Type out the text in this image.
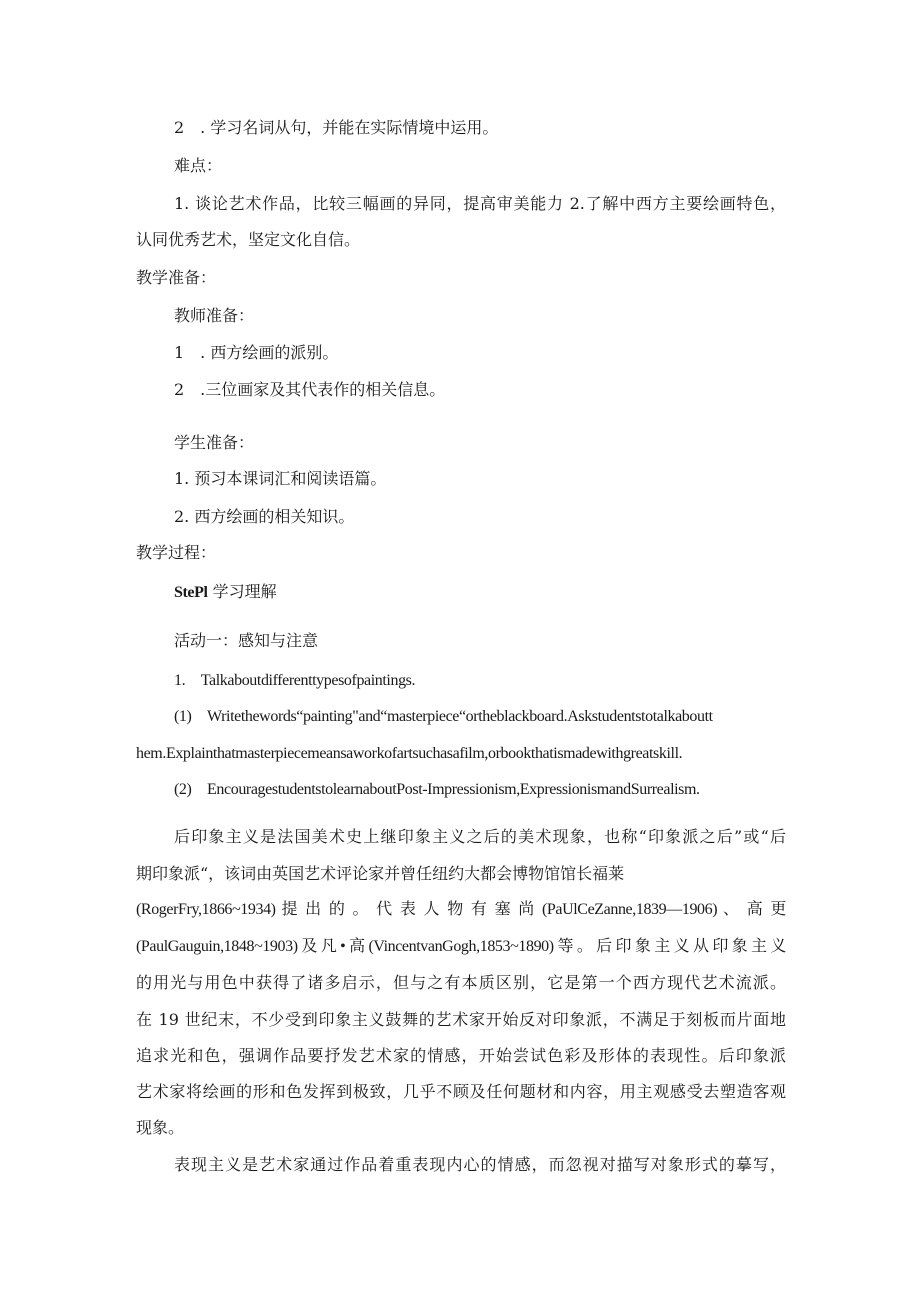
2　. 学习名词从句，并能在实际情境中运用。
难点：
1. 谈论艺术作品，比较三幅画的异同，提高审美能力 2.了解中西方主要绘画特色，
认同优秀艺术，坚定文化自信。
教学准备：
教师准备：
1　. 西方绘画的派别。
2　.三位画家及其代表作的相关信息。
学生准备：
1. 预习本课词汇和阅读语篇。
2. 西方绘画的相关知识。
教学过程：
StePl 学习理解
活动一：感知与注意
1. Talkaboutdifferenttypesofpaintings.
(1) Writethewords“painting"and“masterpiece“ortheblackboard.Askstudentstotalkaboutt
hem.Explainthatmasterpiecemeansaworkofartsuchasafilm,orbookthatismadewithgreatskill.
(2) EncouragestudentstolearnaboutPost-Impressionism,ExpressionismandSurrealism.
后印象主义是法国美术史上继印象主义之后的美术现象，也称“印象派之后”或“后
期印象派“，该词由英国艺术评论家并曾任纽约大都会博物馆馆长福莱
(RogerFry,1866~1934) 提 出 的 。 代 表 人 物 有 塞 尚 (PaUlCeZanne,1839—1906) 、 高 更
(PaulGauguin,1848~1903)及凡•高(VincentvanGogh,1853~1890)等。后印象主义从印象主义
的用光与用色中获得了诸多启示，但与之有本质区别，它是第一个西方现代艺术流派。
在 19 世纪末，不少受到印象主义鼓舞的艺术家开始反对印象派，不满足于刻板而片面地
追求光和色，强调作品要抒发艺术家的情感，开始尝试色彩及形体的表现性。后印象派
艺术家将绘画的形和色发挥到极致，几乎不顾及任何题材和内容，用主观感受去塑造客观
现象。
表现主义是艺术家通过作品着重表现内心的情感，而忽视对描写对象形式的摹写，
